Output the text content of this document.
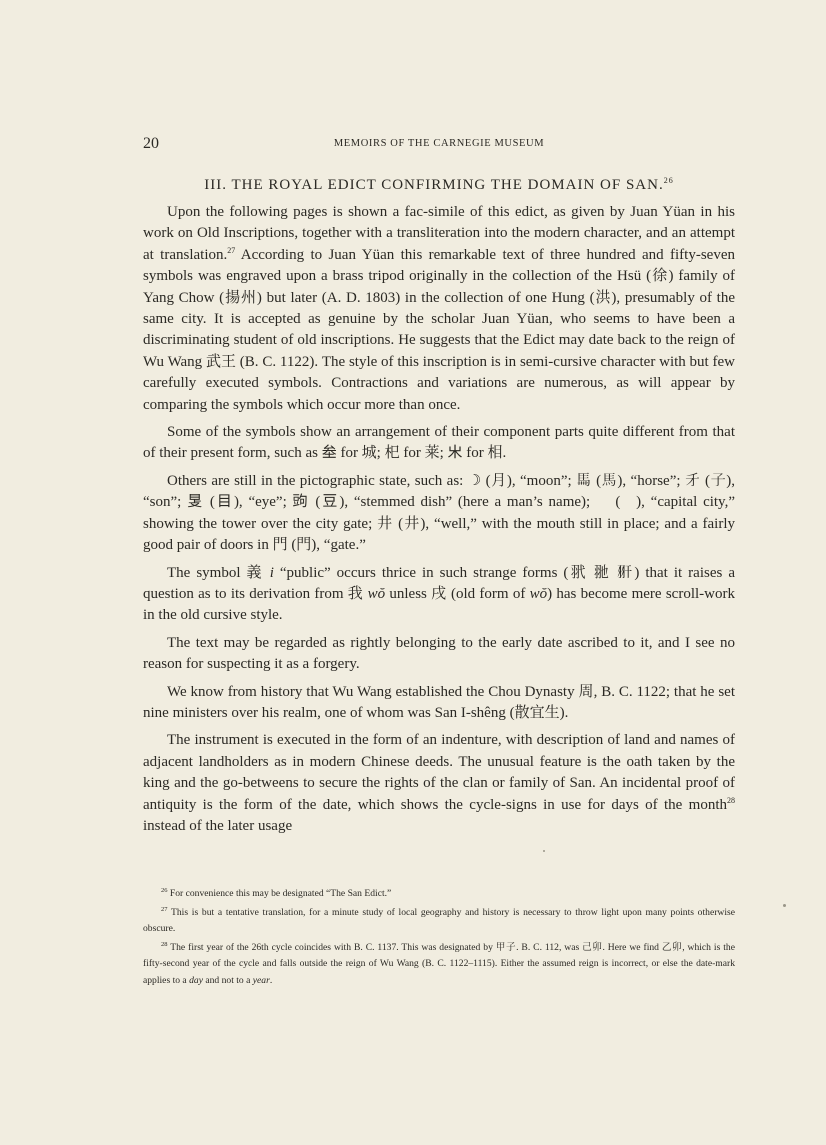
20	MEMOIRS OF THE CARNEGIE MUSEUM
III. THE ROYAL EDICT CONFIRMING THE DOMAIN OF SAN.$^{26}$

Upon the following pages is shown a fac-simile of this edict, as given by Juan Yüan in his work on Old Inscriptions, together with a transliteration into the modern character, and an attempt at translation.$^{27}$ According to Juan Yüan this remarkable text of three hundred and fifty-seven symbols was engraved upon a brass tripod originally in the collection of the Hsü (徐) family of Yang Chow (揚州) but later (A. D. 1803) in the collection of one Hung (洪), presumably of the same city. It is accepted as genuine by the scholar Juan Yüan, who seems to have been a discriminating student of old inscriptions. He suggests that the Edict may date back to the reign of Wu Wang 武王 (B. C. 1122). The style of this inscription is in semi-cursive character with but few carefully executed symbols. Contractions and variations are numerous, as will appear by comparing the symbols which occur more than once.

Some of the symbols show an arrangement of their component parts quite different from that of their present form, such as 𡊄 for 城; 𣏌 for 莱; 𣎵 for 相.

Others are still in the pictographic state, such as: ☽ (月), “moon”; 𩡧 (馬), “horse”; 𠄒 (子), “son”; 𥄎 (目), “eye”; 𧯠 (豆), “stemmed dish” (here a man’s name); 𠅏 (京), “capital city,” showing the tower over the city gate; 井 (井), “well,” with the mouth still in place; and a fairly good pair of doors in 門 (門), “gate.”

The symbol 義 i “public” occurs thrice in such strange forms (𦏵 𦏸 𦏹) that it raises a question as to its derivation from 我 wŏ unless 戌 (old form of wŏ) has become mere scroll-work in the old cursive style.

The text may be regarded as rightly belonging to the early date ascribed to it, and I see no reason for suspecting it as a forgery.

We know from history that Wu Wang established the Chou Dynasty 周, B. C. 1122; that he set nine ministers over his realm, one of whom was San I-shêng (散宜生).

The instrument is executed in the form of an indenture, with description of land and names of adjacent landholders as in modern Chinese deeds. The unusual feature is the oath taken by the king and the go-betweens to secure the rights of the clan or family of San. An incidental proof of antiquity is the form of the date, which shows the cycle-signs in use for days of the month$^{28}$ instead of the later usage

$^{26}$ For convenience this may be designated “The San Edict.”

$^{27}$ This is but a tentative translation, for a minute study of local geography and history is necessary to throw light upon many points otherwise obscure.

$^{28}$ The first year of the 26th cycle coincides with B. C. 1137. This was designated by 甲子. B. C. 112, was 己卯. Here we find 乙卯, which is the fifty-second year of the cycle and falls outside the reign of Wu Wang (B. C. 1122–1115). Either the assumed reign is incorrect, or else the date-mark applies to a day and not to a year.
